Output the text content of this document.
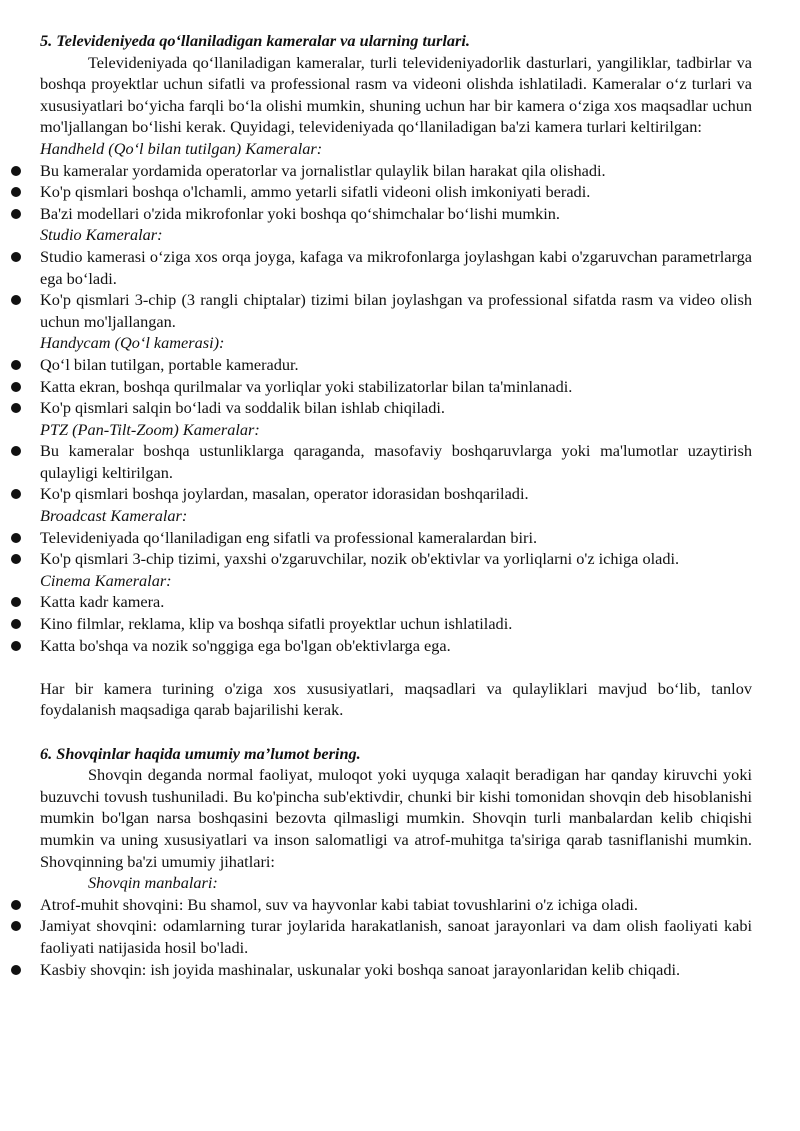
5. Televideniyeda qo‘llaniladigan kameralar va ularning turlari.

Televideniyada qo‘llaniladigan kameralar, turli televideniyadorlik dasturlari, yangiliklar, tadbirlar va boshqa proyektlar uchun sifatli va professional rasm va videoni olishda ishlatiladi. Kameralar o‘z turlari va xususiyatlari bo‘yicha farqli bo‘la olishi mumkin, shuning uchun har bir kamera o‘ziga xos maqsadlar uchun mo'ljallangan bo‘lishi kerak. Quyidagi, televideniyada qo‘llaniladigan ba'zi kamera turlari keltirilgan:

Handheld (Qo‘l bilan tutilgan) Kameralar:

Bu kameralar yordamida operatorlar va jornalistlar qulaylik bilan harakat qila olishadi.
Ko'p qismlari boshqa o'lchamli, ammo yetarli sifatli videoni olish imkoniyati beradi.
Ba'zi modellari o'zida mikrofonlar yoki boshqa qo‘shimchalar bo‘lishi mumkin.

Studio Kameralar:

Studio kamerasi o‘ziga xos orqa joyga, kafaga va mikrofonlarga joylashgan kabi o'zgaruvchan parametrlarga ega bo‘ladi.
Ko'p qismlari 3-chip (3 rangli chiptalar) tizimi bilan joylashgan va professional sifatda rasm va video olish uchun mo'ljallangan.

Handycam (Qo‘l kamerasi):

Qo‘l bilan tutilgan, portable kameradur.
Katta ekran, boshqa qurilmalar va yorliqlar yoki stabilizatorlar bilan ta'minlanadi.
Ko'p qismlari salqin bo‘ladi va soddalik bilan ishlab chiqiladi.

PTZ (Pan-Tilt-Zoom) Kameralar:

Bu kameralar boshqa ustunliklarga qaraganda, masofaviy boshqaruvlarga yoki ma'lumotlar uzaytirish qulayligi keltirilgan.
Ko'p qismlari boshqa joylardan, masalan, operator idorasidan boshqariladi.

Broadcast Kameralar:

Televideniyada qo‘llaniladigan eng sifatli va professional kameralardan biri.
Ko'p qismlari 3-chip tizimi, yaxshi o'zgaruvchilar, nozik ob'ektivlar va yorliqlarni o'z ichiga oladi.

Cinema Kameralar:

Katta kadr kamera.
Kino filmlar, reklama, klip va boshqa sifatli proyektlar uchun ishlatiladi.
Katta bo'shqa va nozik so'nggiga ega bo'lgan ob'ektivlarga ega.

Har bir kamera turining o'ziga xos xususiyatlari, maqsadlari va qulayliklari mavjud bo‘lib, tanlov foydalanish maqsadiga qarab bajarilishi kerak.

6. Shovqinlar haqida umumiy ma’lumot bering.

Shovqin deganda normal faoliyat, muloqot yoki uyquga xalaqit beradigan har qanday kiruvchi yoki buzuvchi tovush tushuniladi. Bu ko'pincha sub'ektivdir, chunki bir kishi tomonidan shovqin deb hisoblanishi mumkin bo'lgan narsa boshqasini bezovta qilmasligi mumkin. Shovqin turli manbalardan kelib chiqishi mumkin va uning xususiyatlari va inson salomatligi va atrof-muhitga ta'siriga qarab tasniflanishi mumkin. Shovqinning ba'zi umumiy jihatlari:

Shovqin manbalari:

Atrof-muhit shovqini: Bu shamol, suv va hayvonlar kabi tabiat tovushlarini o'z ichiga oladi.
Jamiyat shovqini: odamlarning turar joylarida harakatlanish, sanoat jarayonlari va dam olish faoliyati kabi faoliyati natijasida hosil bo'ladi.
Kasbiy shovqin: ish joyida mashinalar, uskunalar yoki boshqa sanoat jarayonlaridan kelib chiqadi.
